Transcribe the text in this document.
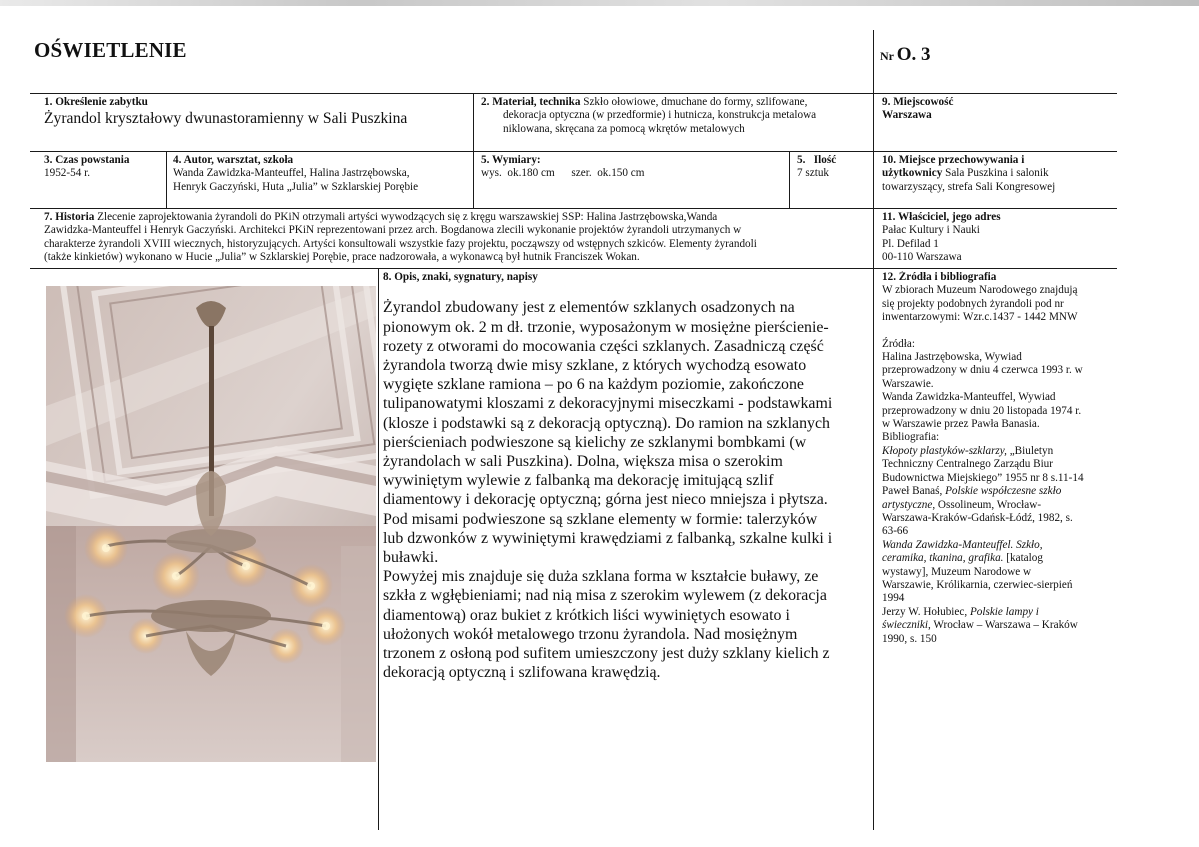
OŚWIETLENIE	Nr O. 3
1. Określenie zabytku
Żyrandol kryształowy dwunastoramienny w Sali Puszkina
2. Materiał, technika Szkło ołowiowe, dmuchane do formy, szlifowane,
dekoracja optyczna (w przedformie) i hutnicza, konstrukcja metalowa
niklowana, skręcana za pomocą wkrętów metalowych
9. Miejscowość
Warszawa
3. Czas powstania
1952-54 r.
4. Autor, warsztat, szkoła
Wanda Zawidzka-Manteuffel, Halina Jastrzębowska,
Henryk Gaczyński, Huta „Julia” w Szklarskiej Porębie
5. Wymiary:
wys.  ok.180 cm      szer.  ok.150 cm
5.   Ilość
7 sztuk
10. Miejsce przechowywania i
użytkownicy Sala Puszkina i salonik
towarzyszący, strefa Sali Kongresowej
7. Historia Zlecenie zaprojektowania żyrandoli do PKiN otrzymali artyści wywodzących się z kręgu warszawskiej SSP: Halina Jastrzębowska,Wanda
Zawidzka-Manteuffel i Henryk Gaczyński. Architekci PKiN reprezentowani przez arch. Bogdanowa zlecili wykonanie projektów żyrandoli utrzymanych w
charakterze żyrandoli XVIII wiecznych, historyzujących. Artyści konsultowali wszystkie fazy projektu, począwszy od wstępnych szkiców. Elementy żyrandoli
(także kinkietów) wykonano w Hucie „Julia” w Szklarskiej Porębie, prace nadzorowała, a wykonawcą był hutnik Franciszek Wokan.
11. Właściciel, jego adres
Pałac Kultury i Nauki
Pl. Defilad 1
00-110 Warszawa
8. Opis, znaki, sygnatury, napisy
Żyrandol zbudowany jest z elementów szklanych osadzonych na
pionowym ok. 2 m dł. trzonie, wyposażonym w mosiężne pierścienie-
rozety z otworami do mocowania części szklanych. Zasadniczą część
żyrandola tworzą dwie misy szklane, z których wychodzą esowato
wygięte szklane ramiona – po 6 na każdym poziomie, zakończone
tulipanowatymi kloszami z dekoracyjnymi miseczkami - podstawkami
(klosze i podstawki są z dekoracją optyczną). Do ramion na szklanych
pierścieniach podwieszone są kielichy ze szklanymi bombkami (w
żyrandolach w sali Puszkina). Dolna, większa misa o szerokim
wywiniętym wylewie z falbanką ma dekorację imitującą szlif
diamentowy i dekorację optyczną; górna jest nieco mniejsza i płytsza.
Pod misami podwieszone są szklane elementy w formie: talerzyków
lub dzwonków z wywiniętymi krawędziami z falbanką, szkalne kulki i
buławki.
Powyżej mis znajduje się duża szklana forma w kształcie buławy, ze
szkła z wgłębieniami; nad nią misa z szerokim wylewem (z dekoracja
diamentową) oraz bukiet z krótkich liści wywiniętych esowato i
ułożonych wokół metalowego trzonu żyrandola. Nad mosiężnym
trzonem z osłoną pod sufitem umieszczony jest duży szklany kielich z
dekoracją optyczną i szlifowana krawędzią.
12. Źródła i bibliografia
W zbiorach Muzeum Narodowego znajdują
się projekty podobnych żyrandoli pod nr
inwentarzowymi: Wzr.c.1437 - 1442 MNW
Źródła:
Halina Jastrzębowska, Wywiad
przeprowadzony w dniu 4 czerwca 1993 r. w
Warszawie.
Wanda Zawidzka-Manteuffel, Wywiad
przeprowadzony w dniu 20 listopada 1974 r.
w Warszawie przez Pawła Banasia.
Bibliografia:
Kłopoty plastyków-szklarzy, „Biuletyn
Techniczny Centralnego Zarządu Biur
Budownictwa Miejskiego” 1955 nr 8 s.11-14
Paweł Banaś, Polskie współczesne szkło
artystyczne, Ossolineum, Wrocław-
Warszawa-Kraków-Gdańsk-Łódź, 1982, s.
63-66
Wanda Zawidzka-Manteuffel. Szkło,
ceramika, tkanina, grafika. [katalog
wystawy], Muzeum Narodowe w
Warszawie, Królikarnia, czerwiec-sierpień
1994
Jerzy W. Hołubiec, Polskie lampy i
świeczniki, Wrocław – Warszawa – Kraków
1990, s. 150
